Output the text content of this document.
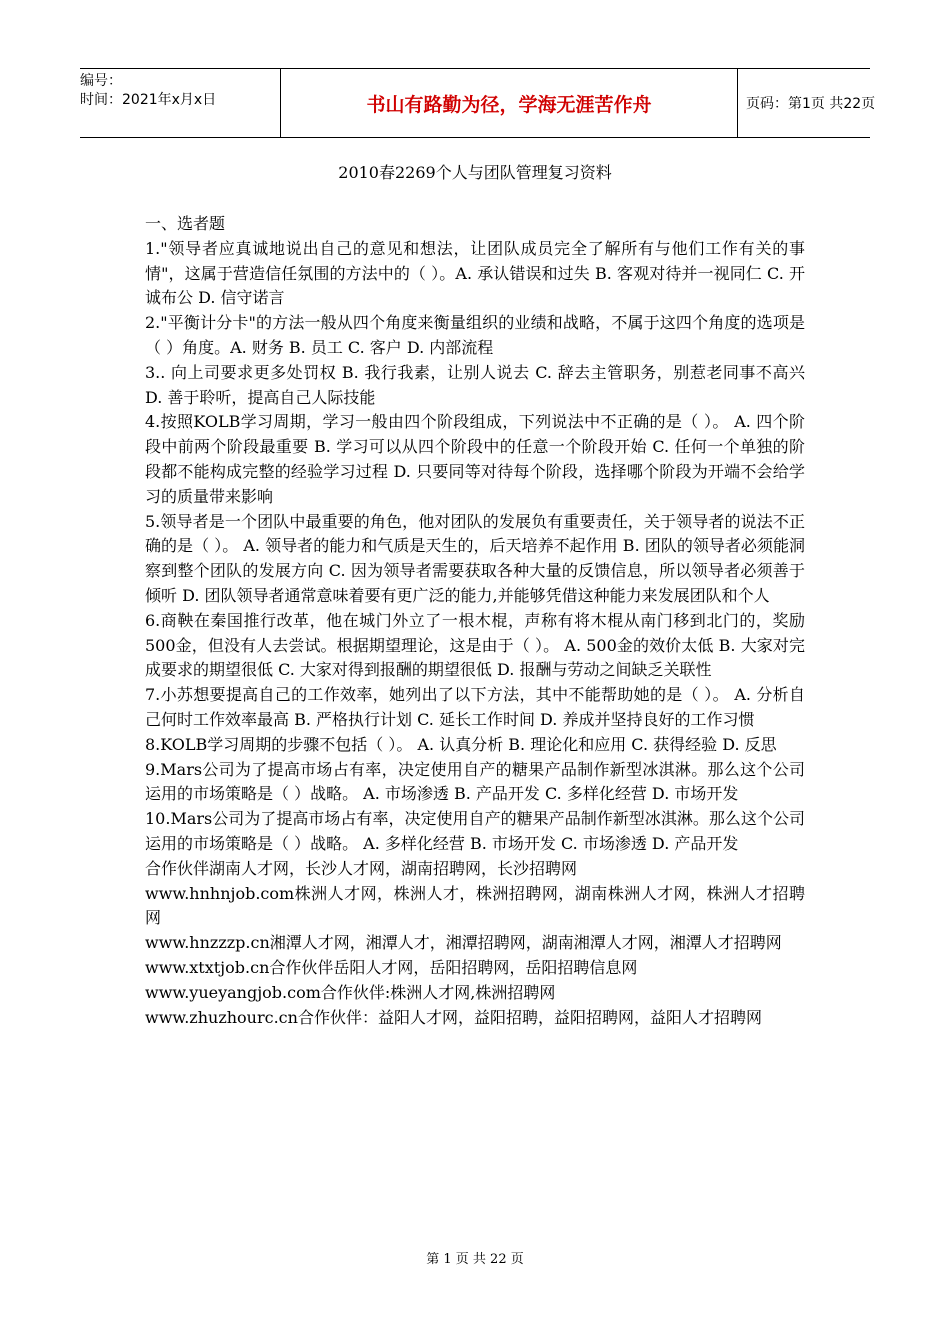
编号：
时间：2021年x月x日	书山有路勤为径，学海无涯苦作舟	页码：第1页 共22页
2010春2269个人与团队管理复习资料

一、选者题

1."领导者应真诚地说出自己的意见和想法，让团队成员完全了解所有与他们工作有关的事情"，这属于营造信任氛围的方法中的（ ）。A. 承认错误和过失 B. 客观对待并一视同仁 C. 开诚布公 D. 信守诺言

2."平衡计分卡"的方法一般从四个角度来衡量组织的业绩和战略，不属于这四个角度的选项是（ ）角度。A. 财务 B. 员工 C. 客户 D. 内部流程

3.. 向上司要求更多处罚权 B. 我行我素，让别人说去 C. 辞去主管职务，别惹老同事不高兴 D. 善于聆听，提高自己人际技能

4.按照KOLB学习周期，学习一般由四个阶段组成，下列说法中不正确的是（ ）。 A. 四个阶段中前两个阶段最重要 B. 学习可以从四个阶段中的任意一个阶段开始 C. 任何一个单独的阶段都不能构成完整的经验学习过程 D. 只要同等对待每个阶段，选择哪个阶段为开端不会给学习的质量带来影响

5.领导者是一个团队中最重要的角色，他对团队的发展负有重要责任，关于领导者的说法不正确的是（ ）。 A. 领导者的能力和气质是天生的，后天培养不起作用 B. 团队的领导者必须能洞察到整个团队的发展方向 C. 因为领导者需要获取各种大量的反馈信息，所以领导者必须善于倾听 D. 团队领导者通常意味着要有更广泛的能力,并能够凭借这种能力来发展团队和个人

6.商鞅在秦国推行改革，他在城门外立了一根木棍，声称有将木棍从南门移到北门的，奖励500金，但没有人去尝试。根据期望理论，这是由于（ ）。 A. 500金的效价太低 B. 大家对完成要求的期望很低 C. 大家对得到报酬的期望很低 D. 报酬与劳动之间缺乏关联性

7.小苏想要提高自己的工作效率，她列出了以下方法，其中不能帮助她的是（ ）。 A. 分析自己何时工作效率最高 B. 严格执行计划 C. 延长工作时间 D. 养成并坚持良好的工作习惯

8.KOLB学习周期的步骤不包括（ ）。 A. 认真分析 B. 理论化和应用 C. 获得经验 D. 反思

9.Mars公司为了提高市场占有率，决定使用自产的糖果产品制作新型冰淇淋。那么这个公司运用的市场策略是（ ）战略。 A. 市场渗透 B. 产品开发 C. 多样化经营 D. 市场开发

10.Mars公司为了提高市场占有率，决定使用自产的糖果产品制作新型冰淇淋。那么这个公司运用的市场策略是（ ）战略。 A. 多样化经营 B. 市场开发 C. 市场渗透 D. 产品开发

合作伙伴湖南人才网，长沙人才网，湖南招聘网，长沙招聘网

www.hnhnjob.com株洲人才网，株洲人才，株洲招聘网，湖南株洲人才网，株洲人才招聘网

www.hnzzzp.cn湘潭人才网，湘潭人才，湘潭招聘网，湖南湘潭人才网，湘潭人才招聘网

www.xtxtjob.cn合作伙伴岳阳人才网，岳阳招聘网，岳阳招聘信息网

www.yueyangjob.com合作伙伴:株洲人才网,株洲招聘网

www.zhuzhourc.cn合作伙伴：益阳人才网，益阳招聘，益阳招聘网，益阳人才招聘网

第 1 页 共 22 页
